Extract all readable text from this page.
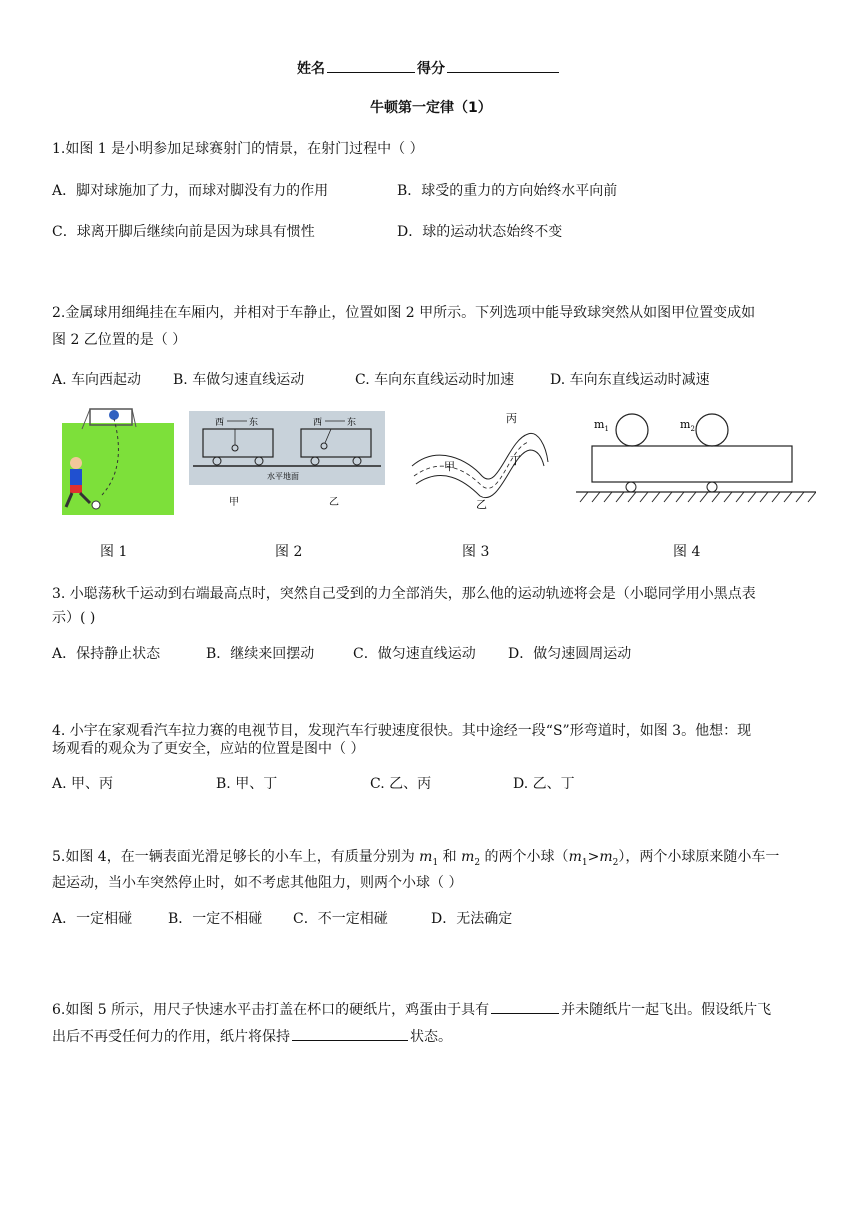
姓名	得分
牛顿第一定律（1）
1.如图 1 是小明参加足球赛射门的情景，在射门过程中（ ）
A．脚对球施加了力，而球对脚没有力的作用	B．球受的重力的方向始终水平向前
C．球离开脚后继续向前是因为球具有惯性	D．球的运动状态始终不变
2.金属球用细绳挂在车厢内，并相对于车静止，位置如图 2 甲所示。下列选项中能导致球突然从如图甲位置变成如
图 2 乙位置的是（ ）
A. 车向西起动 B. 车做匀速直线运动	C. 车向东直线运动时加速	D. 车向东直线运动时减速
西	东	西	东
水平地面
甲	乙
甲
乙
丙
丁
$m_1$	$m_2$
图 1	图 2	图 3	图 4
3. 小聪荡秋千运动到右端最高点时，突然自己受到的力全部消失，那么他的运动轨迹将会是（小聪同学用小黑点表
示）( )
A．保持静止状态	B．继续来回摆动	C．做匀速直线运动 D．做匀速圆周运动
4. 小宇在家观看汽车拉力赛的电视节目，发现汽车行驶速度很快。其中途经一段“S”形弯道时，如图 3。他想：现
场观看的观众为了更安全，应站的位置是图中（ ）
A. 甲、丙	B. 甲、丁	C. 乙、丙	D. 乙、丁
5.如图 4，在一辆表面光滑足够长的小车上，有质量分别为 $m_1$ 和 $m_2$ 的两个小球$(m_1>m_2)$，两个小球原来随小车一
起运动，当小车突然停止时，如不考虑其他阻力，则两个小球（ ）
A．一定相碰	B．一定不相碰 C．不一定相碰	D．无法确定
6.如图 5 所示，用尺子快速水平击打盖在杯口的硬纸片，鸡蛋由于具有	并未随纸片一起飞出。假设纸片飞
出后不再受任何力的作用，纸片将保持	状态。
